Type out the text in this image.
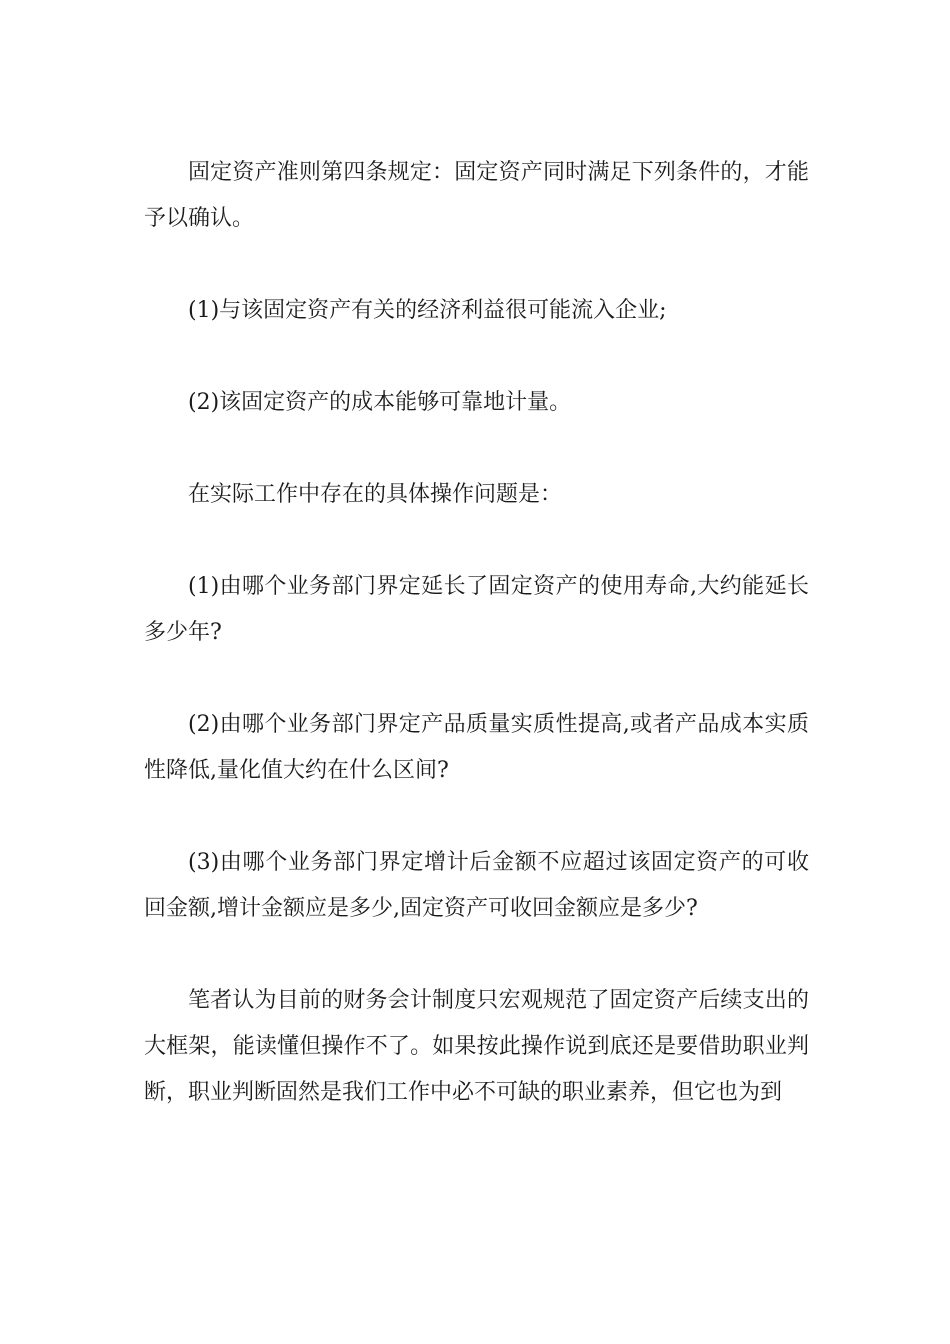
固定资产准则第四条规定：固定资产同时满足下列条件的，才能予以确认。

(1)与该固定资产有关的经济利益很可能流入企业;

(2)该固定资产的成本能够可靠地计量。

在实际工作中存在的具体操作问题是：

(1)由哪个业务部门界定延长了固定资产的使用寿命,大约能延长多少年?

(2)由哪个业务部门界定产品质量实质性提高,或者产品成本实质性降低,量化值大约在什么区间?

(3)由哪个业务部门界定增计后金额不应超过该固定资产的可收回金额,增计金额应是多少,固定资产可收回金额应是多少?

笔者认为目前的财务会计制度只宏观规范了固定资产后续支出的大框架，能读懂但操作不了。如果按此操作说到底还是要借助职业判断，职业判断固然是我们工作中必不可缺的职业素养，但它也为到
